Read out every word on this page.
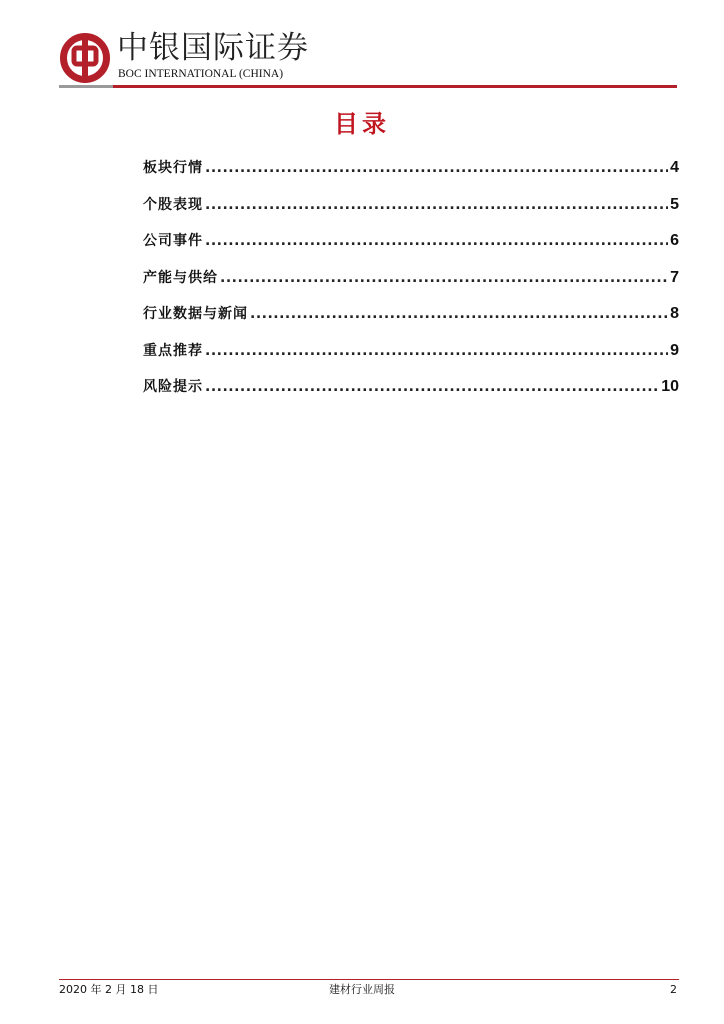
中银国际证券
BOC INTERNATIONAL (CHINA)
目录
板块行情 .....	4
个股表现 .....	5
公司事件 .....	6
产能与供给 .....	7
行业数据与新闻 .....	8
重点推荐 .....	9
风险提示 .....	10
2020 年 2 月 18 日	建材行业周报	2
